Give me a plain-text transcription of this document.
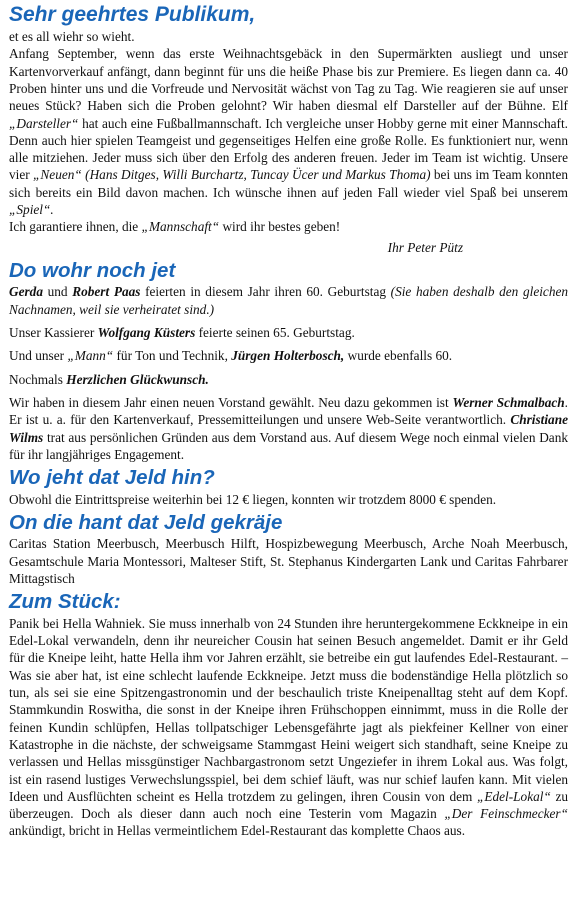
Sehr geehrtes Publikum,

et es all wiehr so wieht.

Anfang September, wenn das erste Weihnachtsgebäck in den Supermärkten ausliegt und unser Kartenvorverkauf anfängt, dann beginnt für uns die heiße Phase bis zur Premiere. Es liegen dann ca. 40 Proben hinter uns und die Vorfreude und Nervosität wächst von Tag zu Tag. Wie reagieren sie auf unser neues Stück? Haben sich die Proben gelohnt? Wir haben diesmal elf Darsteller auf der Bühne. Elf „Darsteller“ hat auch eine Fußballmannschaft. Ich vergleiche unser Hobby gerne mit einer Mannschaft. Denn auch hier spielen Teamgeist und gegenseitiges Helfen eine große Rolle. Es funktioniert nur, wenn alle mitziehen. Jeder muss sich über den Erfolg des anderen freuen. Jeder im Team ist wichtig. Unsere vier „Neuen“ (Hans Ditges, Willi Burchartz, Tuncay Ücer und Markus Thoma) bei uns im Team konnten sich bereits ein Bild davon machen. Ich wünsche ihnen auf jeden Fall wieder viel Spaß bei unserem „Spiel“.

Ich garantiere ihnen, die „Mannschaft“ wird ihr bestes geben!

Ihr Peter Pütz

Do wohr noch jet

Gerda und Robert Paas feierten in diesem Jahr ihren 60. Geburtstag (Sie haben deshalb den gleichen Nachnamen, weil sie verheiratet sind.)

Unser Kassierer Wolfgang Küsters feierte seinen 65. Geburtstag.

Und unser „Mann“ für Ton und Technik, Jürgen Holterbosch, wurde ebenfalls 60.

Nochmals Herzlichen Glückwunsch.

Wir haben in diesem Jahr einen neuen Vorstand gewählt. Neu dazu gekommen ist Werner Schmalbach. Er ist u. a. für den Kartenverkauf, Pressemitteilungen und unsere Web-Seite verantwortlich. Christiane Wilms trat aus persönlichen Gründen aus dem Vorstand aus. Auf diesem Wege noch einmal vielen Dank für ihr langjähriges Engagement.

Wo jeht dat Jeld hin?

Obwohl die Eintrittspreise weiterhin bei 12 € liegen, konnten wir trotzdem 8000 € spenden.

On die hant dat Jeld gekräje

Caritas Station Meerbusch, Meerbusch Hilft, Hospizbewegung Meerbusch, Arche Noah Meerbusch, Gesamtschule Maria Montessori, Malteser Stift, St. Stephanus Kindergarten Lank und Caritas Fahrbarer Mittagstisch

Zum Stück:

Panik bei Hella Wahniek. Sie muss innerhalb von 24 Stunden ihre heruntergekommene Eckkneipe in ein Edel-Lokal verwandeln, denn ihr neureicher Cousin hat seinen Besuch angemeldet. Damit er ihr Geld für die Kneipe leiht, hatte Hella ihm vor Jahren erzählt, sie betreibe ein gut laufendes Edel-Restaurant. – Was sie aber hat, ist eine schlecht laufende Eckkneipe. Jetzt muss die bodenständige Hella plötzlich so tun, als sei sie eine Spitzengastronomin und der beschaulich triste Kneipenalltag steht auf dem Kopf. Stammkundin Roswitha, die sonst in der Kneipe ihren Frühschoppen einnimmt, muss in die Rolle der feinen Kundin schlüpfen, Hellas tollpatschiger Lebensgefährte jagt als piekfeiner Kellner von einer Katastrophe in die nächste, der schweigsame Stammgast Heini weigert sich standhaft, seine Kneipe zu verlassen und Hellas missgünstiger Nachbargastronom setzt Ungeziefer in ihrem Lokal aus. Was folgt, ist ein rasend lustiges Verwechslungsspiel, bei dem schief läuft, was nur schief laufen kann. Mit vielen Ideen und Ausflüchten scheint es Hella trotzdem zu gelingen, ihren Cousin von dem „Edel-Lokal“ zu überzeugen. Doch als dieser dann auch noch eine Testerin vom Magazin „Der Feinschmecker“ ankündigt, bricht in Hellas vermeintlichem Edel-Restaurant das komplette Chaos aus.
